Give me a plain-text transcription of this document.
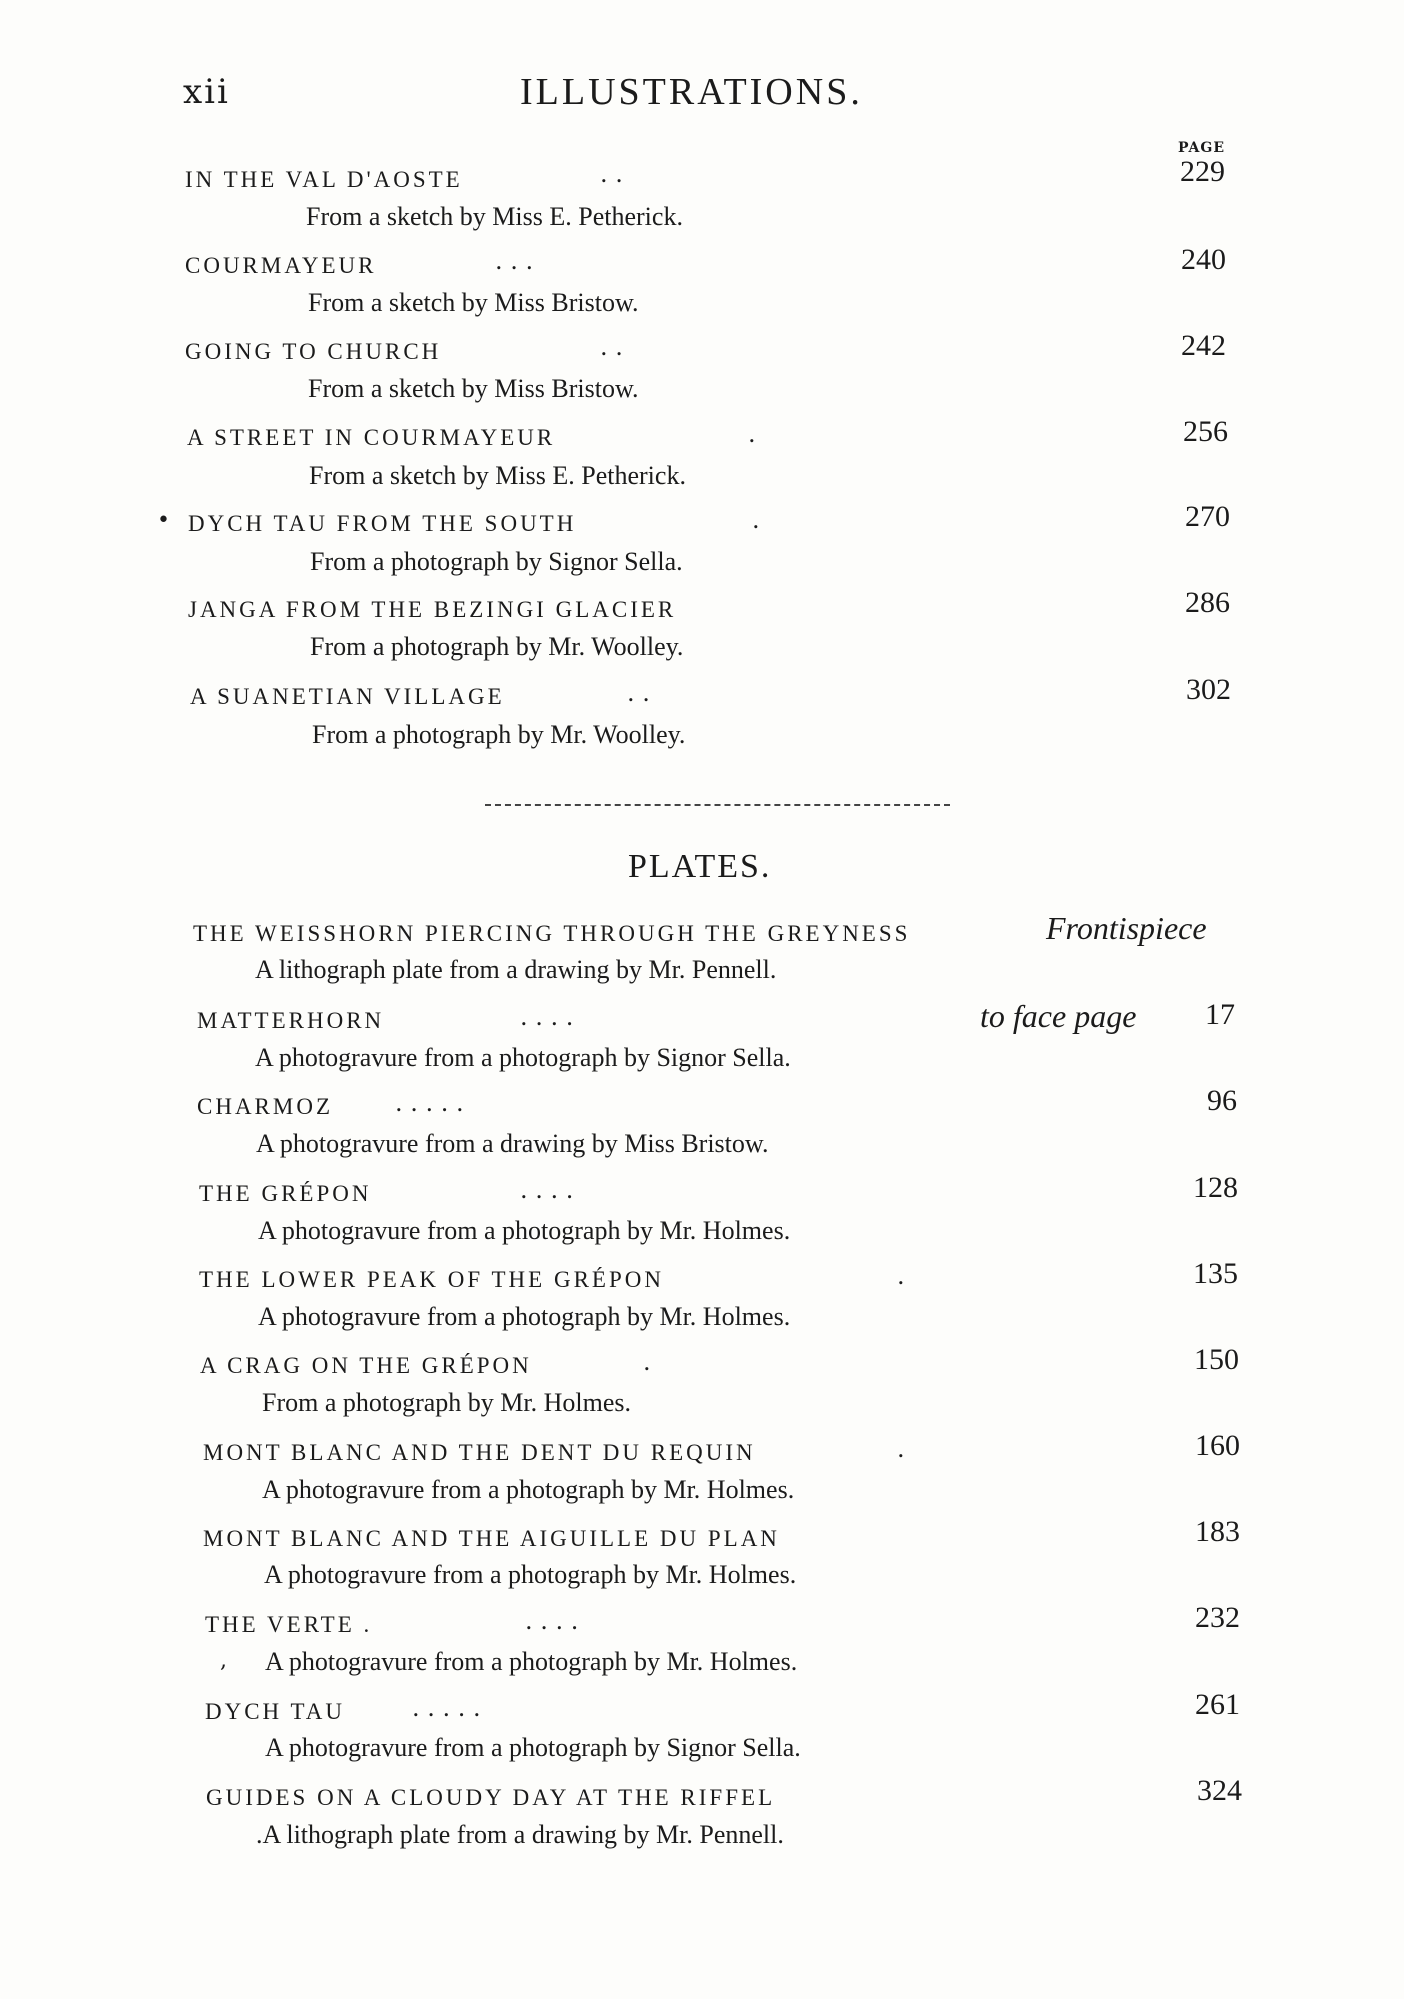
xii	ILLUSTRATIONS.
PAGE
IN THE VAL D'AOSTE	. .	229
From a sketch by Miss E. Petherick.
COURMAYEUR	. . .	240
From a sketch by Miss Bristow.
GOING TO CHURCH	. .	242
From a sketch by Miss Bristow.
A STREET IN COURMAYEUR	.	256
From a sketch by Miss E. Petherick.
• DYCH TAU FROM THE SOUTH	.	270
From a photograph by Signor Sella.
JANGA FROM THE BEZINGI GLACIER	286
From a photograph by Mr. Woolley.
A SUANETIAN VILLAGE	. .	302
From a photograph by Mr. Woolley.
PLATES.
THE WEISSHORN PIERCING THROUGH THE GREYNESS	Frontispiece
A lithograph plate from a drawing by Mr. Pennell.
MATTERHORN	. . . .	to face page	17
A photogravure from a photograph by Signor Sella.
CHARMOZ	. . . . .	96
A photogravure from a drawing by Miss Bristow.
THE GRÉPON	. . . .	128
A photogravure from a photograph by Mr. Holmes.
THE LOWER PEAK OF THE GRÉPON	.	135
A photogravure from a photograph by Mr. Holmes.
A CRAG ON THE GRÉPON	.	150
From a photograph by Mr. Holmes.
MONT BLANC AND THE DENT DU REQUIN	.	160
A photogravure from a photograph by Mr. Holmes.
MONT BLANC AND THE AIGUILLE DU PLAN	183
A photogravure from a photograph by Mr. Holmes.
THE VERTE .	. . . .	232
, A photogravure from a photograph by Mr. Holmes.
DYCH TAU	. . . . .	261
A photogravure from a photograph by Signor Sella.
GUIDES ON A CLOUDY DAY AT THE RIFFEL	324
.A lithograph plate from a drawing by Mr. Pennell.
